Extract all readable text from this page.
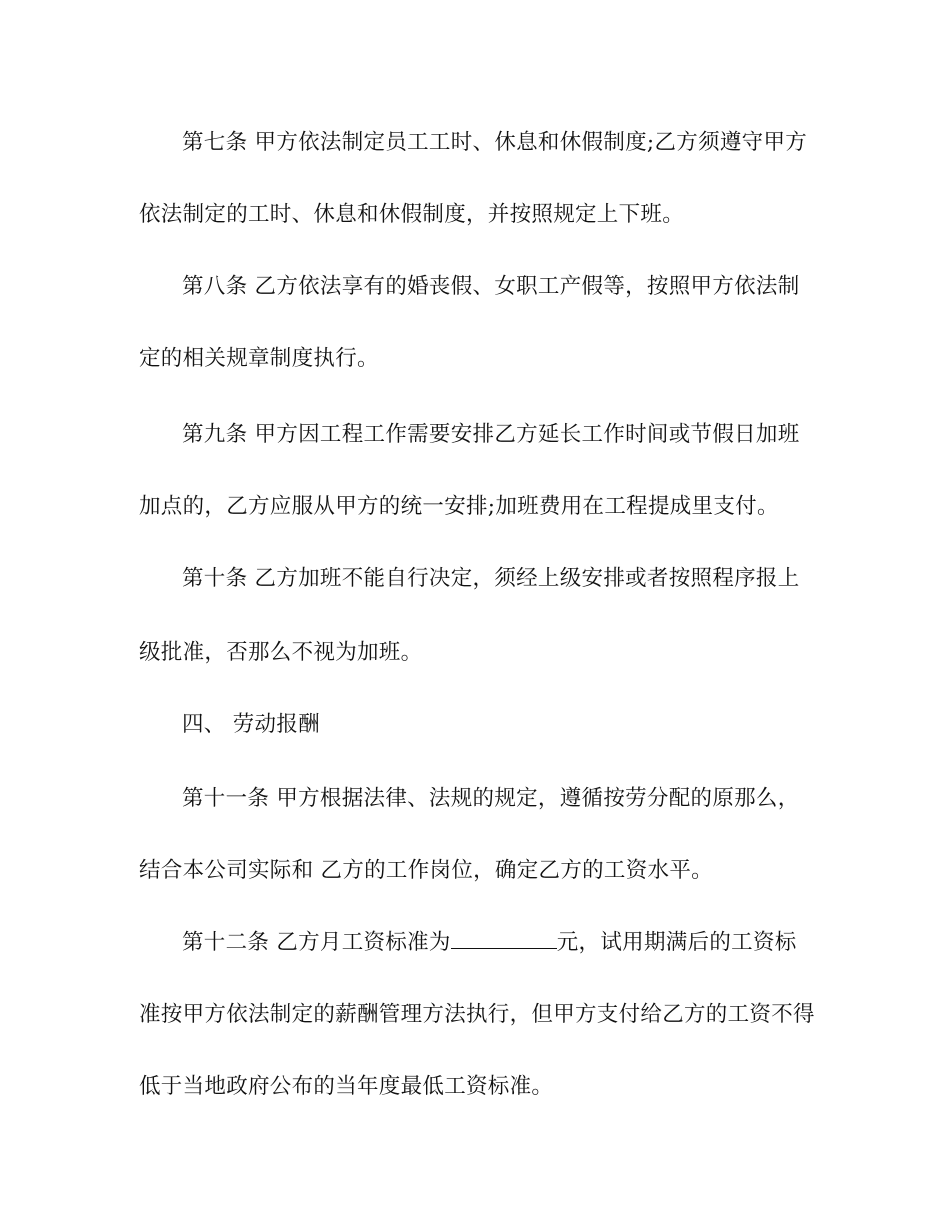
第七条 甲方依法制定员工工时、休息和休假制度;乙方须遵守甲方
依法制定的工时、休息和休假制度，并按照规定上下班。
第八条 乙方依法享有的婚丧假、女职工产假等，按照甲方依法制
定的相关规章制度执行。
第九条 甲方因工程工作需要安排乙方延长工作时间或节假日加班
加点的，乙方应服从甲方的统一安排;加班费用在工程提成里支付。
第十条 乙方加班不能自行决定，须经上级安排或者按照程序报上
级批准，否那么不视为加班。
四、 劳动报酬
第十一条 甲方根据法律、法规的规定，遵循按劳分配的原那么，
结合本公司实际和 乙方的工作岗位，确定乙方的工资水平。
第十二条 乙方月工资标准为	元，试用期满后的工资标
准按甲方依法制定的薪酬管理方法执行，但甲方支付给乙方的工资不得
低于当地政府公布的当年度最低工资标准。
